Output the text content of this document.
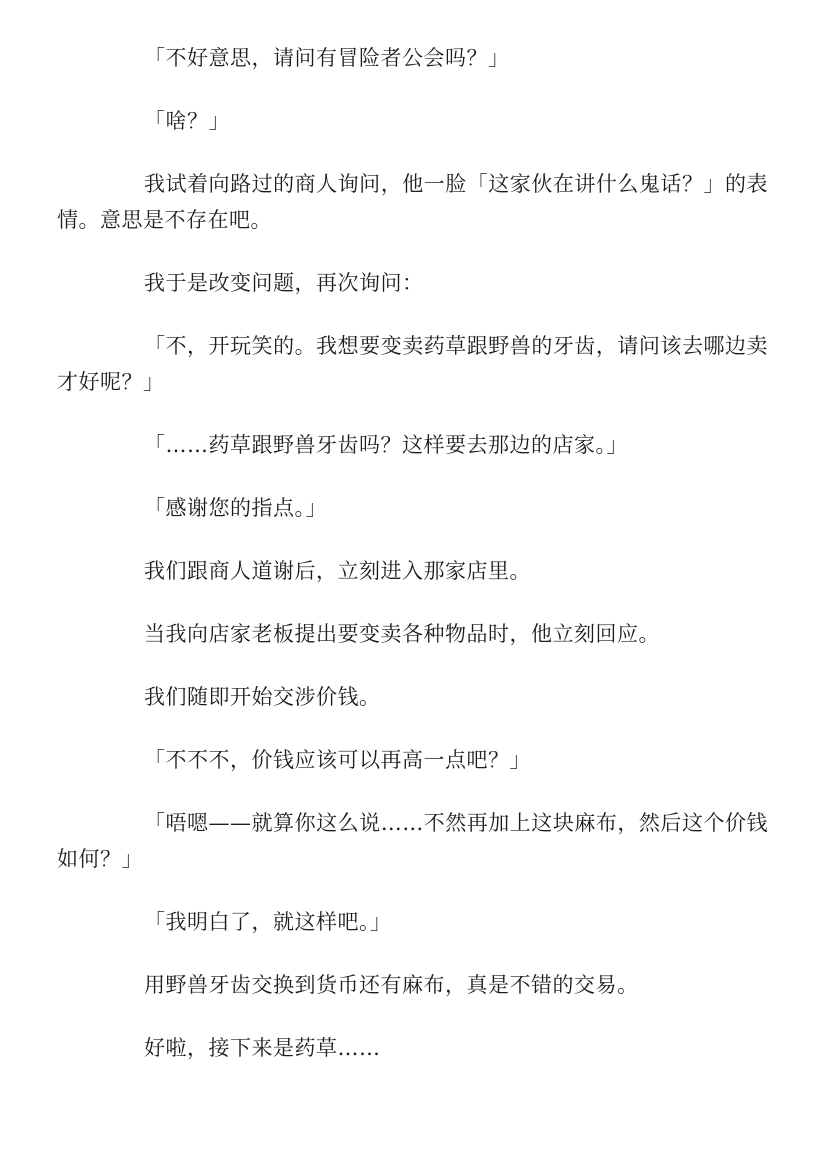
「不好意思，请问有冒险者公会吗？」

「啥？」

我试着向路过的商人询问，他一脸「这家伙在讲什么鬼话？」的表情。意思是不存在吧。

我于是改变问题，再次询问：

「不，开玩笑的。我想要变卖药草跟野兽的牙齿，请问该去哪边卖才好呢？」

「……药草跟野兽牙齿吗？这样要去那边的店家。」

「感谢您的指点。」

我们跟商人道谢后，立刻进入那家店里。

当我向店家老板提出要变卖各种物品时，他立刻回应。

我们随即开始交涉价钱。

「不不不，价钱应该可以再高一点吧？」

「唔嗯——就算你这么说……不然再加上这块麻布，然后这个价钱如何？」

「我明白了，就这样吧。」

用野兽牙齿交换到货币还有麻布，真是不错的交易。

好啦，接下来是药草……
